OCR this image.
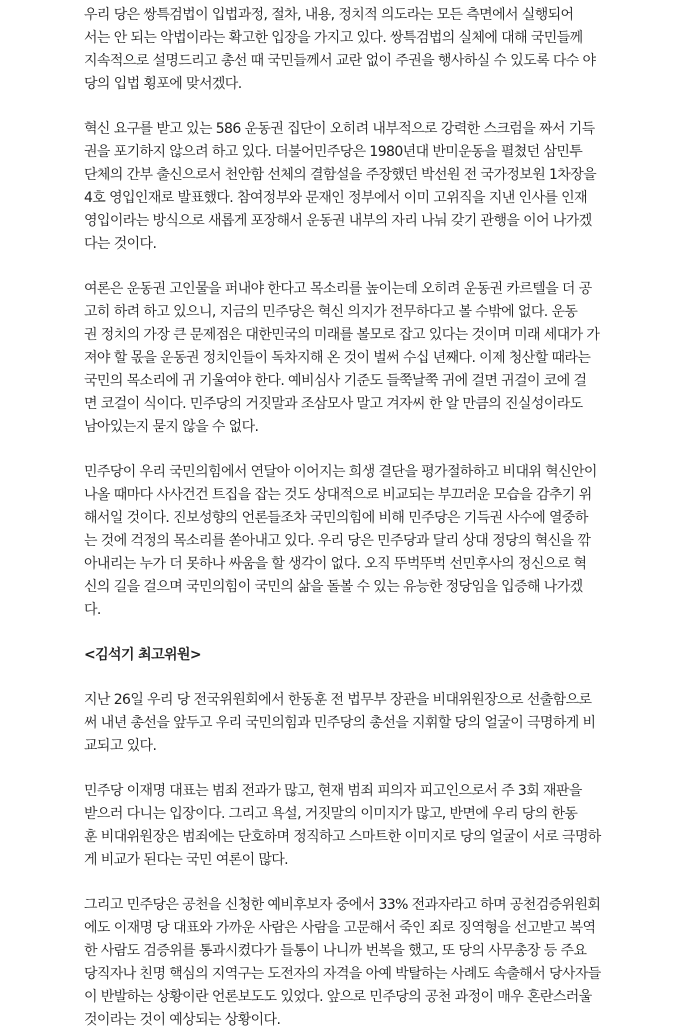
우리 당은 쌍특검법이 입법과정, 절차, 내용, 정치적 의도라는 모든 측면에서 실행되어
서는 안 되는 악법이라는 확고한 입장을 가지고 있다. 쌍특검법의 실체에 대해 국민들께
지속적으로 설명드리고 총선 때 국민들께서 교란 없이 주권을 행사하실 수 있도록 다수 야
당의 입법 횡포에 맞서겠다.

혁신 요구를 받고 있는 586 운동권 집단이 오히려 내부적으로 강력한 스크럼을 짜서 기득
권을 포기하지 않으려 하고 있다. 더불어민주당은 1980년대 반미운동을 펼쳤던 삼민투
단체의 간부 출신으로서 천안함 선체의 결함설을 주장했던 박선원 전 국가정보원 1차장을
4호 영입인재로 발표했다. 참여정부와 문재인 정부에서 이미 고위직을 지낸 인사를 인재
영입이라는 방식으로 새롭게 포장해서 운동권 내부의 자리 나눠 갖기 관행을 이어 나가겠
다는 것이다.

여론은 운동권 고인물을 퍼내야 한다고 목소리를 높이는데 오히려 운동권 카르텔을 더 공
고히 하려 하고 있으니, 지금의 민주당은 혁신 의지가 전무하다고 볼 수밖에 없다. 운동
권 정치의 가장 큰 문제점은 대한민국의 미래를 볼모로 잡고 있다는 것이며 미래 세대가 가
져야 할 몫을 운동권 정치인들이 독차지해 온 것이 벌써 수십 년째다. 이제 청산할 때라는
국민의 목소리에 귀 기울여야 한다. 예비심사 기준도 들쭉날쭉 귀에 걸면 귀걸이 코에 걸
면 코걸이 식이다. 민주당의 거짓말과 조삼모사 말고 겨자씨 한 알 만큼의 진실성이라도
남아있는지 묻지 않을 수 없다.

민주당이 우리 국민의힘에서 연달아 이어지는 희생 결단을 평가절하하고 비대위 혁신안이
나올 때마다 사사건건 트집을 잡는 것도 상대적으로 비교되는 부끄러운 모습을 감추기 위
해서일 것이다. 진보성향의 언론들조차 국민의힘에 비해 민주당은 기득권 사수에 열중하
는 것에 걱정의 목소리를 쏟아내고 있다. 우리 당은 민주당과 달리 상대 정당의 혁신을 깎
아내리는 누가 더 못하나 싸움을 할 생각이 없다. 오직 뚜벅뚜벅 선민후사의 정신으로 혁
신의 길을 걸으며 국민의힘이 국민의 삶을 돌볼 수 있는 유능한 정당임을 입증해 나가겠
다.

<김석기 최고위원>

지난 26일 우리 당 전국위원회에서 한동훈 전 법무부 장관을 비대위원장으로 선출함으로
써 내년 총선을 앞두고 우리 국민의힘과 민주당의 총선을 지휘할 당의 얼굴이 극명하게 비
교되고 있다.

민주당 이재명 대표는 범죄 전과가 많고, 현재 범죄 피의자 피고인으로서 주 3회 재판을
받으러 다니는 입장이다. 그리고 욕설, 거짓말의 이미지가 많고, 반면에 우리 당의 한동
훈 비대위원장은 범죄에는 단호하며 정직하고 스마트한 이미지로 당의 얼굴이 서로 극명하
게 비교가 된다는 국민 여론이 많다.

그리고 민주당은 공천을 신청한 예비후보자 중에서 33% 전과자라고 하며 공천검증위원회
에도 이재명 당 대표와 가까운 사람은 사람을 고문해서 죽인 죄로 징역형을 선고받고 복역
한 사람도 검증위를 통과시켰다가 들통이 나니까 번복을 했고, 또 당의 사무총장 등 주요
당직자나 친명 핵심의 지역구는 도전자의 자격을 아예 박탈하는 사례도 속출해서 당사자들
이 반발하는 상황이란 언론보도도 있었다. 앞으로 민주당의 공천 과정이 매우 혼란스러울
것이라는 것이 예상되는 상황이다.
